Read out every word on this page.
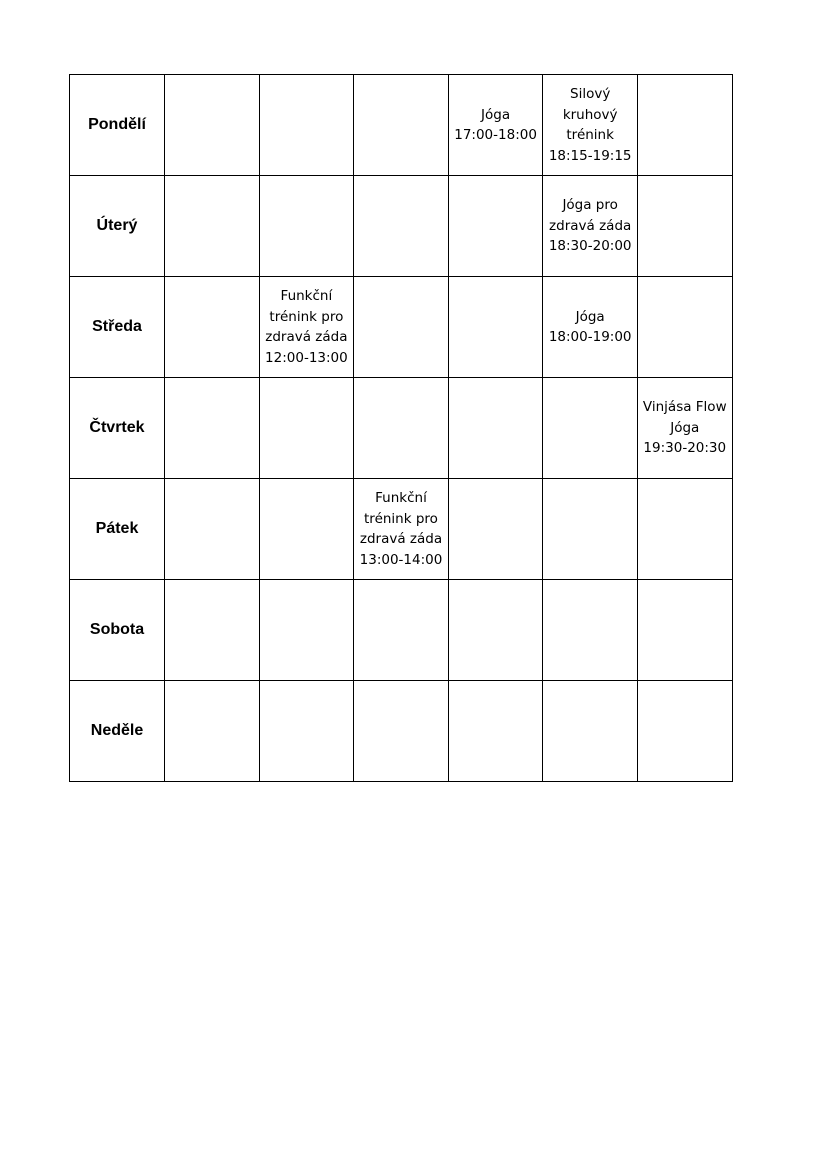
Pondělí				Jóga
17:00-18:00	Silový
kruhový
trénink
18:15-19:15	
Úterý					Jóga pro
zdravá záda
18:30-20:00	
Středa		Funkční
trénink pro
zdravá záda
12:00-13:00			Jóga
18:00-19:00	
Čtvrtek						Vinjása Flow
Jóga
19:30-20:30
Pátek			Funkční
trénink pro
zdravá záda
13:00-14:00			
Sobota						
Neděle						
